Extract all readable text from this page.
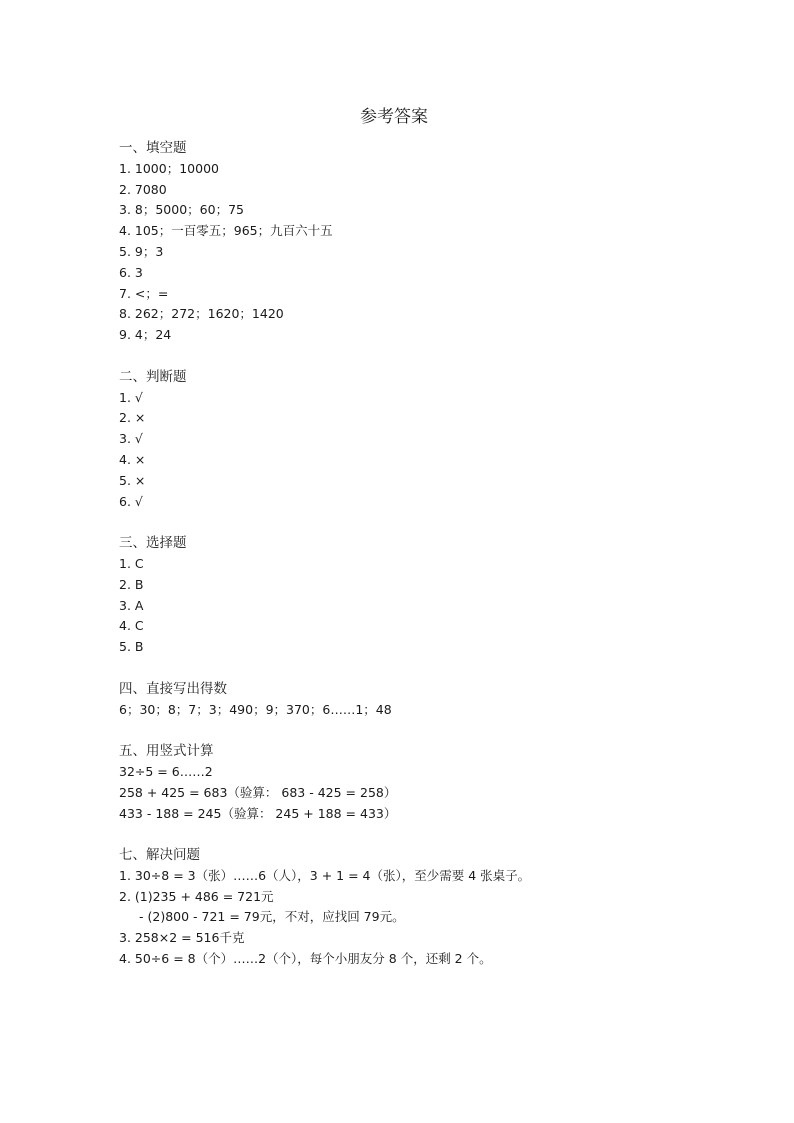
参考答案
一、填空题
1. 1000；10000
2. 7080
3. 8；5000；60；75
4. 105；一百零五；965；九百六十五
5. 9；3
6. 3
7. <；=
8. 262；272；1620；1420
9. 4；24
二、判断题
1. √
2. ×
3. √
4. ×
5. ×
6. √
三、选择题
1. C
2. B
3. A
4. C
5. B
四、直接写出得数
6；30；8；7；3；490；9；370；6……1；48
五、用竖式计算
32÷5 = 6……2
258 + 425 = 683（验算： 683 - 425 = 258）
433 - 188 = 245（验算： 245 + 188 = 433）
七、解决问题
1. 30÷8 = 3（张）……6（人），3 + 1 = 4（张），至少需要 4 张桌子。
2. (1)235 + 486 = 721元
- (2)800 - 721 = 79元，不对，应找回 79元。
3. 258×2 = 516千克
4. 50÷6 = 8（个）……2（个），每个小朋友分 8 个，还剩 2 个。
